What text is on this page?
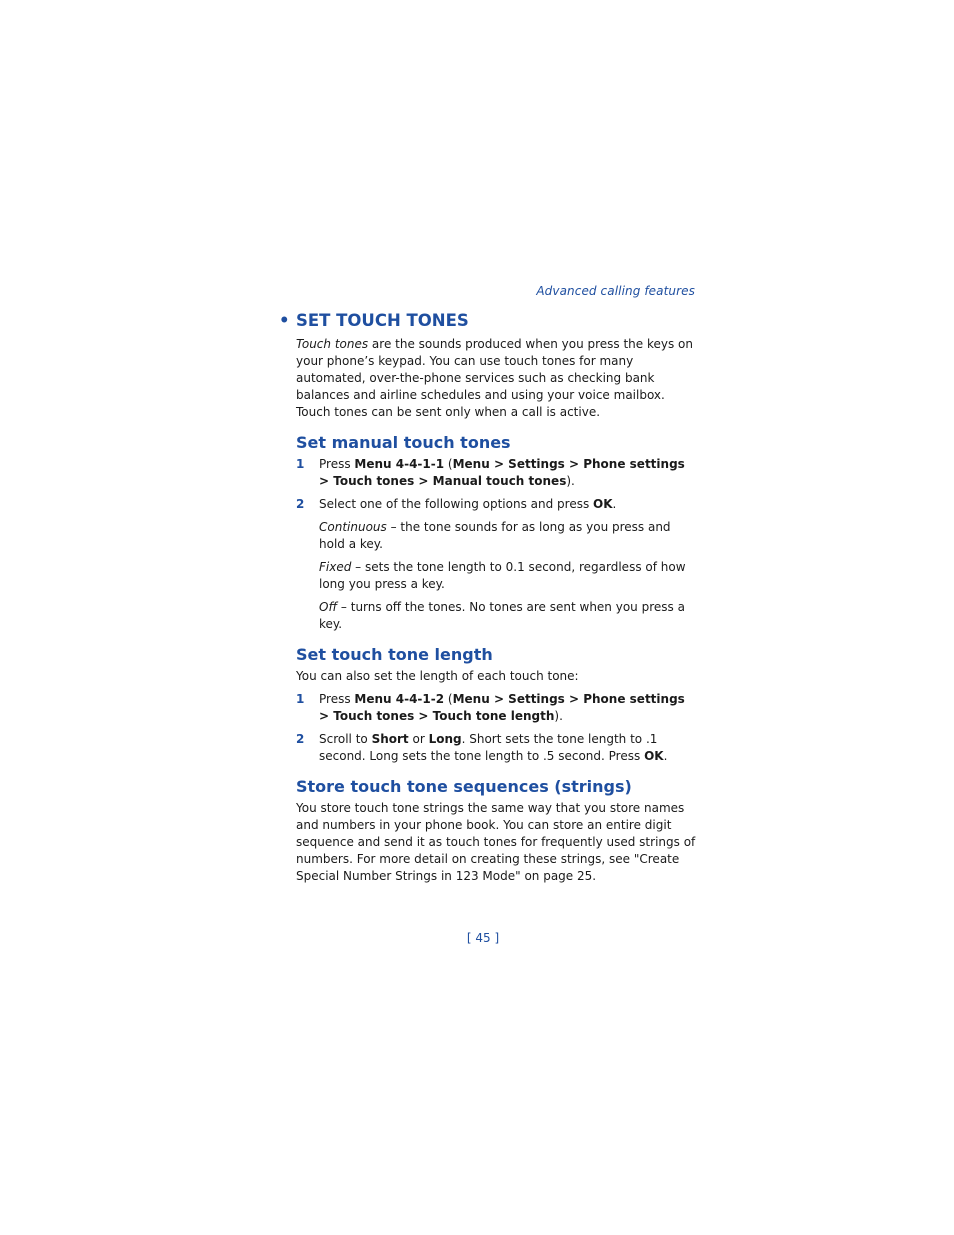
Advanced calling features
• SET TOUCH TONES

Touch tones are the sounds produced when you press the keys on your phone’s keypad. You can use touch tones for many automated, over-the-phone services such as checking bank balances and airline schedules and using your voice mailbox. Touch tones can be sent only when a call is active.

Set manual touch tones
1 Press Menu 4-4-1-1 (Menu > Settings > Phone settings > Touch tones > Manual touch tones).
2 Select one of the following options and press OK.

Continuous – the tone sounds for as long as you press and hold a key.

Fixed – sets the tone length to 0.1 second, regardless of how long you press a key.

Off – turns off the tones. No tones are sent when you press a key.

Set touch tone length

You can also set the length of each touch tone:

1 Press Menu 4-4-1-2 (Menu > Settings > Phone settings > Touch tones > Touch tone length).
2 Scroll to Short or Long. Short sets the tone length to .1 second. Long sets the tone length to .5 second. Press OK.
Store touch tone sequences (strings)

You store touch tone strings the same way that you store names and numbers in your phone book. You can store an entire digit sequence and send it as touch tones for frequently used strings of numbers. For more detail on creating these strings, see "Create Special Number Strings in 123 Mode" on page 25.

[ 45 ]
